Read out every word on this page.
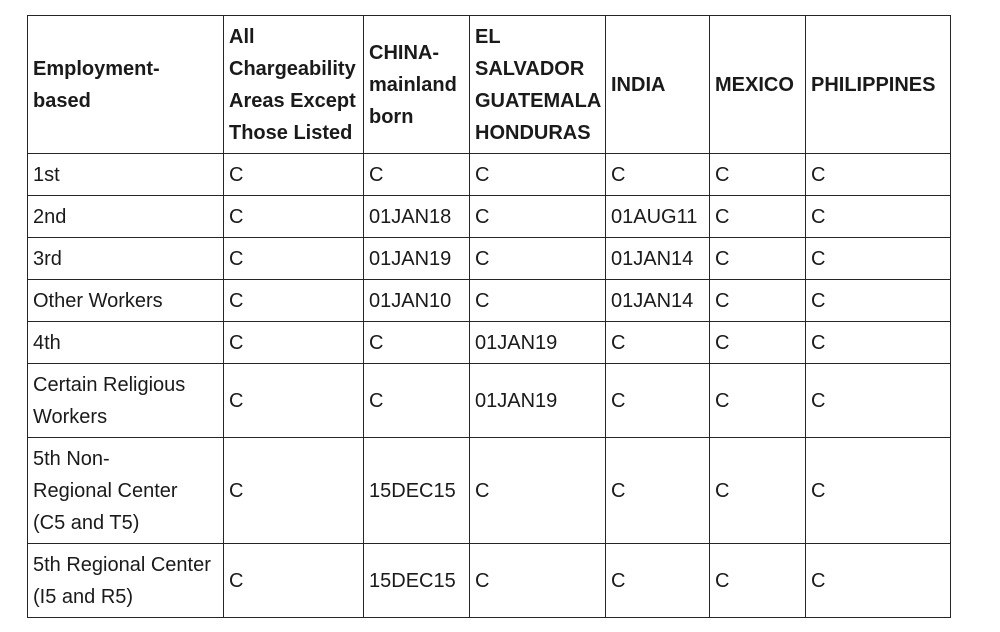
Employment-
based	All
Chargeability
Areas Except
Those Listed	CHINA-
mainland
born	EL
SALVADOR
GUATEMALA
HONDURAS	INDIA	MEXICO	PHILIPPINES
1st	C	C	C	C	C	C
2nd	C	01JAN18	C	01AUG11	C	C
3rd	C	01JAN19	C	01JAN14	C	C
Other Workers	C	01JAN10	C	01JAN14	C	C
4th	C	C	01JAN19	C	C	C
Certain Religious
Workers	C	C	01JAN19	C	C	C
5th Non-
Regional Center
(C5 and T5)	C	15DEC15	C	C	C	C
5th Regional Center
(I5 and R5)	C	15DEC15	C	C	C	C
